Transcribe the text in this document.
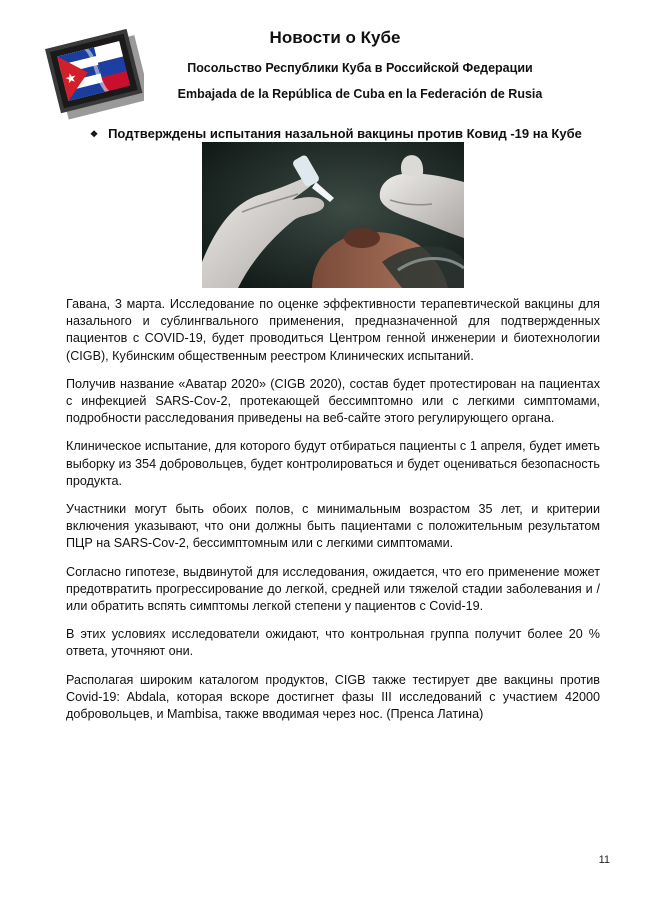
Новости о Кубе
Посольство Республики Куба в Российской Федерации
Embajada de la República de Cuba en la Federación de Rusia
❖ Подтверждены испытания назальной вакцины против Ковид -19 на Кубе

Гавана, 3 марта. Исследование по оценке эффективности терапевтической вакцины для назального и сублингвального применения, предназначенной для подтвержденных пациентов с COVID-19, будет проводиться Центром генной инженерии и биотехнологии (CIGB), Кубинским общественным реестром Клинических испытаний.

Получив название «Аватар 2020» (CIGB 2020), состав будет протестирован на пациентах с инфекцией SARS-Cov-2, протекающей бессимптомно или с легкими симптомами, подробности расследования приведены на веб-сайте этого регулирующего органа.

Клиническое испытание, для которого будут отбираться пациенты с 1 апреля, будет иметь выборку из 354 добровольцев, будет контролироваться и будет оцениваться безопасность продукта.

Участники могут быть обоих полов, с минимальным возрастом 35 лет, и критерии включения указывают, что они должны быть пациентами с положительным результатом ПЦР на SARS-Cov-2, бессимптомным или с легкими симптомами.

Согласно гипотезе, выдвинутой для исследования, ожидается, что его применение может предотвратить прогрессирование до легкой, средней или тяжелой стадии заболевания и / или обратить вспять симптомы легкой степени у пациентов с Covid-19.

В этих условиях исследователи ожидают, что контрольная группа получит более 20 % ответа, уточняют они.

Располагая широким каталогом продуктов, CIGB также тестирует две вакцины против Covid-19: Abdala, которая вскоре достигнет фазы III исследований с участием 42000 добровольцев, и Mambisa, также вводимая через нос. (Пренса Латина)

11
